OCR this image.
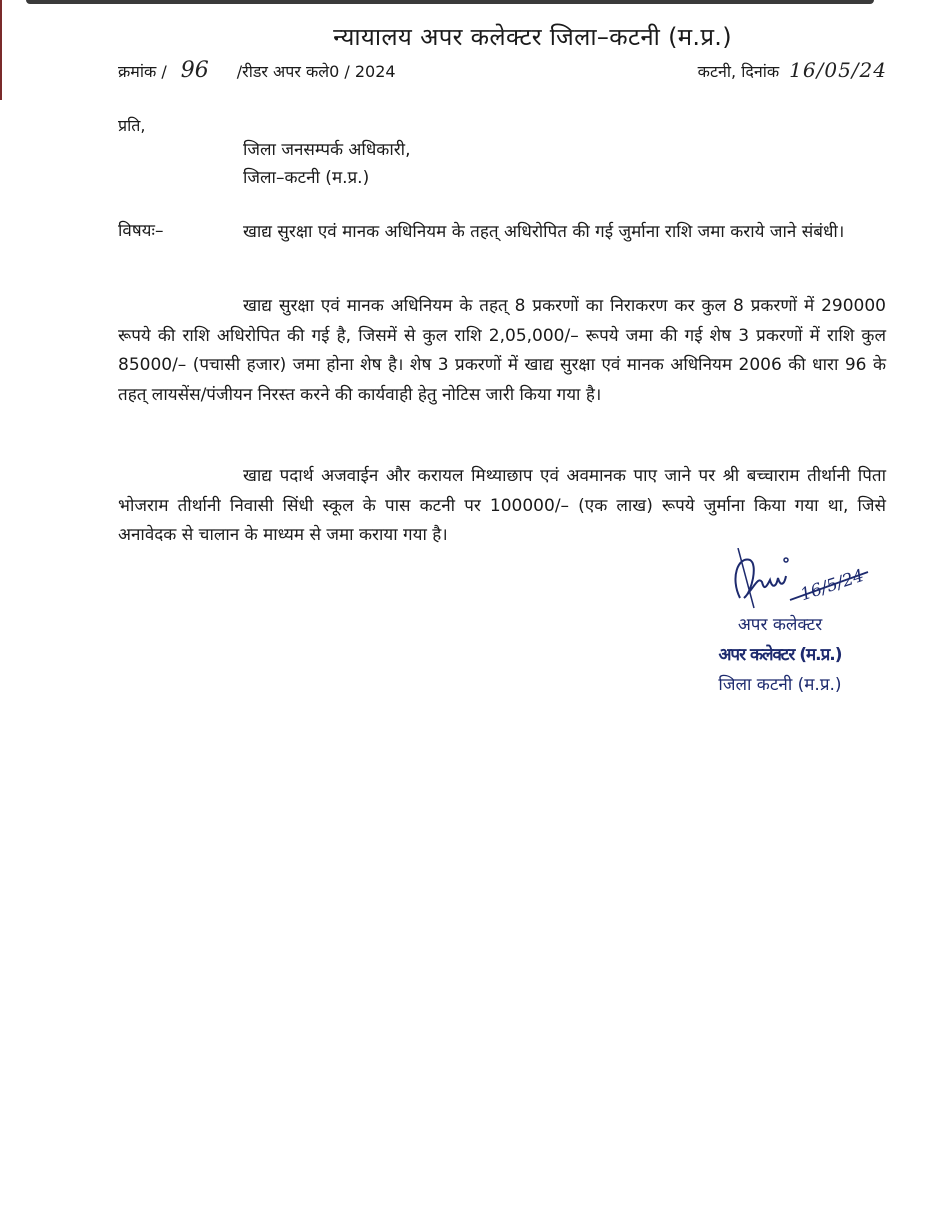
न्यायालय अपर कलेक्टर जिला–कटनी (म.प्र.)
क्रमांक / 96 /रीडर अपर कले0 / 2024	कटनी, दिनांक 16/05/24
प्रति,
जिला जनसम्पर्क अधिकारी,
जिला–कटनी (म.प्र.)
विषयः–	खाद्य सुरक्षा एवं मानक अधिनियम के तहत् अधिरोपित की गई जुर्माना राशि जमा कराये जाने संबंधी।
खाद्य सुरक्षा एवं मानक अधिनियम के तहत् 8 प्रकरणों का निराकरण कर कुल 8 प्रकरणों में 290000 रूपये की राशि अधिरोपित की गई है, जिसमें से कुल राशि 2,05,000/– रूपये जमा की गई शेष 3 प्रकरणों में राशि कुल 85000/– (पचासी हजार) जमा होना शेष है। शेष 3 प्रकरणों में खाद्य सुरक्षा एवं मानक अधिनियम 2006 की धारा 96 के तहत् लायसेंस/पंजीयन निरस्त करने की कार्यवाही हेतु नोटिस जारी किया गया है।
खाद्य पदार्थ अजवाईन और करायल मिथ्याछाप एवं अवमानक पाए जाने पर श्री बच्चाराम तीर्थानी पिता भोजराम तीर्थानी निवासी सिंधी स्कूल के पास कटनी पर 100000/– (एक लाख) रूपये जुर्माना किया गया था, जिसे अनावेदक से चालान के माध्यम से जमा कराया गया है।
16/5/24
अपर कलेक्टर
अपर कलेक्टर (म.प्र.)
जिला कटनी (म.प्र.)
